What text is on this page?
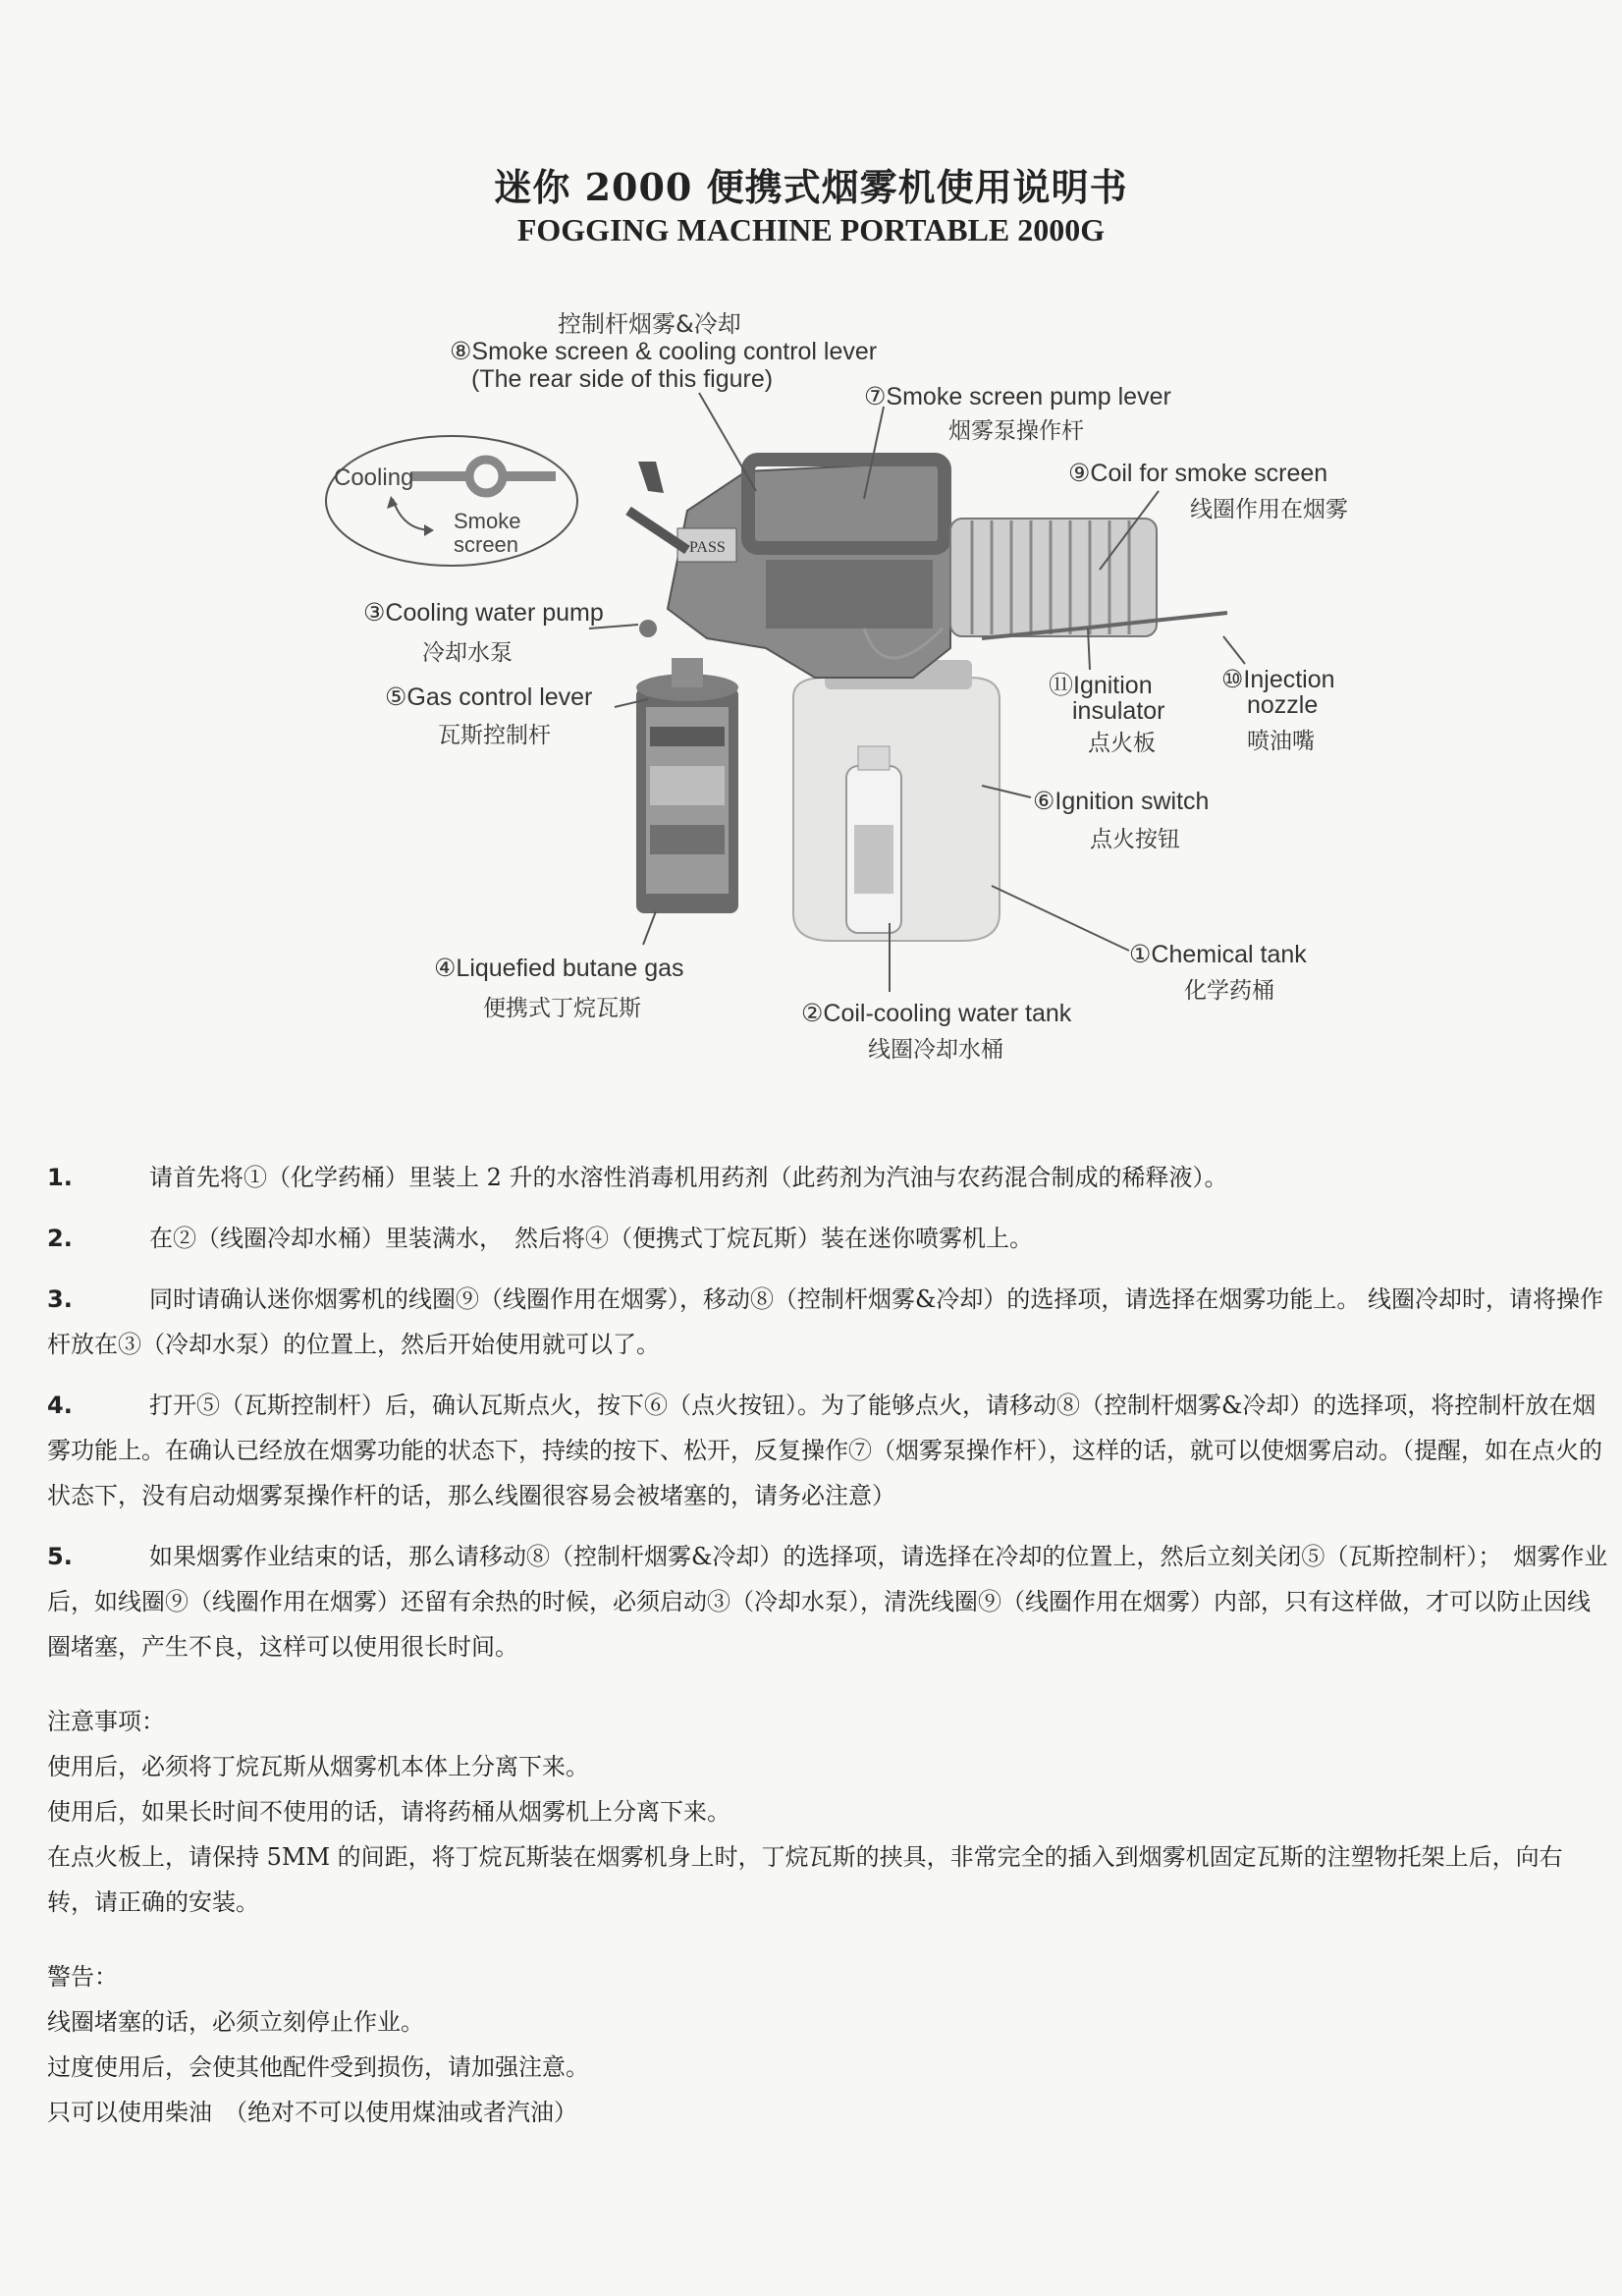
迷你 2000 便携式烟雾机使用说明书
FOGGING MACHINE PORTABLE 2000G
Cooling
Smoke
screen	PASS
控制杆烟雾&冷却
⑧Smoke screen & cooling control lever
(The rear side of this figure)
⑦Smoke screen pump lever
烟雾泵操作杆
⑨Coil for smoke screen
线圈作用在烟雾
③Cooling water pump
冷却水泵
⑤Gas control lever
瓦斯控制杆
⑪Ignition
insulator
点火板
⑩Injection
nozzle
喷油嘴
⑥Ignition switch
点火按钮
①Chemical tank
化学药桶
④Liquefied butane gas
便携式丁烷瓦斯	②Coil-cooling water tank
线圈冷却水桶
1.	请首先将①（化学药桶）里装上 2 升的水溶性消毒机用药剂（此药剂为汽油与农药混合制成的稀释液）。
2.	在②（线圈冷却水桶）里装满水，　然后将④（便携式丁烷瓦斯）装在迷你喷雾机上。
3.	同时请确认迷你烟雾机的线圈⑨（线圈作用在烟雾），移动⑧（控制杆烟雾&冷却）的选择项，请选择在烟雾功能上。 线圈冷却时，请将操作杆放在③（冷却水泵）的位置上，然后开始使用就可以了。
4.	打开⑤（瓦斯控制杆）后，确认瓦斯点火，按下⑥（点火按钮）。为了能够点火，请移动⑧（控制杆烟雾&冷却）的选择项，将控制杆放在烟雾功能上。在确认已经放在烟雾功能的状态下，持续的按下、松开，反复操作⑦（烟雾泵操作杆），这样的话，就可以使烟雾启动。（提醒，如在点火的状态下，没有启动烟雾泵操作杆的话，那么线圈很容易会被堵塞的，请务必注意）
5.	如果烟雾作业结束的话，那么请移动⑧（控制杆烟雾&冷却）的选择项，请选择在冷却的位置上，然后立刻关闭⑤（瓦斯控制杆）；　烟雾作业后，如线圈⑨（线圈作用在烟雾）还留有余热的时候，必须启动③（冷却水泵），清洗线圈⑨（线圈作用在烟雾）内部，只有这样做，才可以防止因线圈堵塞，产生不良，这样可以使用很长时间。

注意事项：

使用后，必须将丁烷瓦斯从烟雾机本体上分离下来。

使用后，如果长时间不使用的话，请将药桶从烟雾机上分离下来。

在点火板上，请保持 5MM 的间距，将丁烷瓦斯装在烟雾机身上时，丁烷瓦斯的挟具，非常完全的插入到烟雾机固定瓦斯的注塑物托架上后，向右转，请正确的安装。

警告：

线圈堵塞的话，必须立刻停止作业。

过度使用后，会使其他配件受到损伤，请加强注意。

只可以使用柴油　（绝对不可以使用煤油或者汽油）
